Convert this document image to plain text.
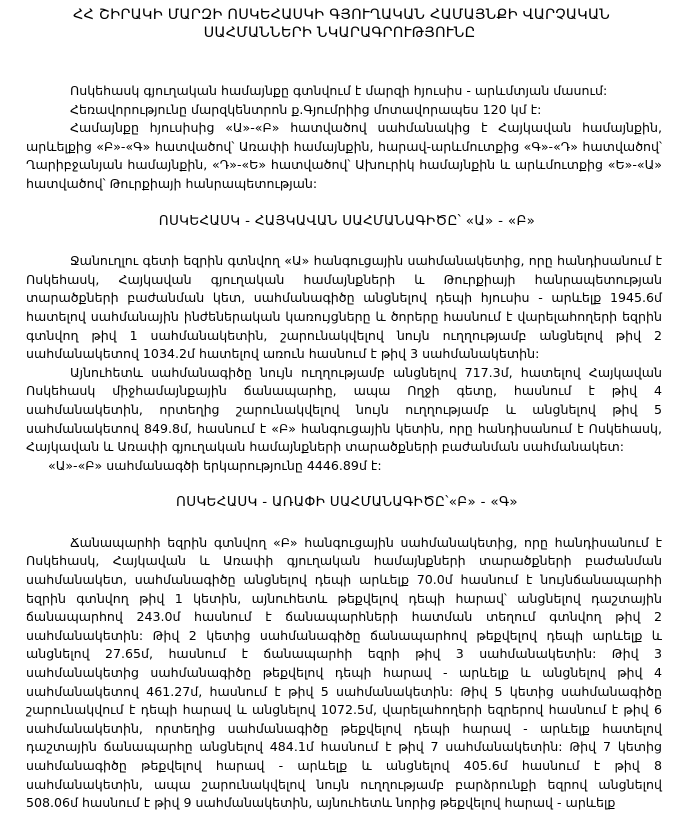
ՀՀ ՇԻՐԱԿԻ ՄԱՐԶԻ ՈՍԿԵՀԱՍԿԻ ԳՅՈՒՂԱԿԱՆ ՀԱՄԱՅՆՔԻ ՎԱՐՉԱԿԱՆ
ՍԱՀՄԱՆՆԵՐԻ ՆԿԱՐԱԳՐՈՒԹՅՈՒՆԸ

Ոսկեհասկ գյուղական համայնքը գտնվում է մարզի հյուսիս - արևմտյան մասում:

Հեռավորությունը մարզկենտրոն ք.Գյումրիից մոտավորապես 120 կմ է:

Համայնքը հյուսիսից «Ա»-«Բ» հատվածով սահմանակից է Հայկավան համայնքին, արևելքից «Բ»-«Գ» հատվածով՝ Առափի համայնքին, հարավ-արևմուտքից «Գ»-«Դ» հատվածով՝ Ղարիբջանյան համայնքին, «Դ»-«Ե» հատվածով՝ Ախուրիկ համայնքին և արևմուտքից «Ե»-«Ա» հատվածով՝ Թուրքիայի հանրապետության:

ՈՍԿԵՀԱՍԿ - ՀԱՅԿԱՎԱՆ ՍԱՀՄԱՆԱԳԻԾԸ՝ «Ա» - «Բ»

Ջանուղլու գետի եզրին գտնվող «Ա» հանգուցային սահմանակետից, որը հանդիսանում է Ոսկեհասկ, Հայկավան գյուղական համայնքների և Թուրքիայի հանրապետության տարածքների բաժանման կետ, սահմանագիծը անցնելով դեպի հյուսիս - արևելք 1945.6մ հատելով սահմանային ինժեներական կառույցները և ծորերը հասնում է վարելահողերի եզրին գտնվող թիվ 1 սահմանակետին, շարունակվելով նույն ուղղությամբ անցնելով թիվ 2 սահմանակետով 1034.2մ հատելով առուն հասնում է թիվ 3 սահմանակետին:

Այնուհետև սահմանագիծը նույն ուղղությամբ անցնելով 717.3մ, հատելով Հայկավան Ոսկեհասկ միջհամայնքային ճանապարհը, ապա Ողջի գետը, հասնում է թիվ 4 սահմանակետին, որտեղից շարունակվելով նույն ուղղությամբ և անցնելով թիվ 5 սահմանակետով 849.8մ, հասնում է «Բ» հանգուցային կետին, որը հանդիսանում է Ոսկեհասկ, Հայկավան և Առափի գյուղական համայնքների տարածքների բաժանման սահմանակետ:

«Ա»-«Բ» սահմանագծի երկարությունը 4446.89մ է:

ՈՍԿԵՀԱՍԿ - ԱՌԱՓԻ ՍԱՀՄԱՆԱԳԻԾԸ՝«Բ» - «Գ»

Ճանապարհի եզրին գտնվող «Բ» հանգուցային սահմանակետից, որը հանդիսանում է Ոսկեհասկ, Հայկավան և Առափի գյուղական համայնքների տարածքների բաժանման սահմանակետ, սահմանագիծը անցնելով դեպի արևելք 70.0մ հասնում է նույնճանապարհի եզրին գտնվող թիվ 1 կետին, այնուհետև թեքվելով դեպի հարավ՝ անցնելով դաշտային ճանապարհով 243.0մ հասնում է ճանապարհների հատման տեղում գտնվող թիվ 2 սահմանակետին: Թիվ 2 կետից սահմանագիծը ճանապարհով թեքվելով դեպի արևելք և անցնելով 27.65մ, հասնում է ճանապարհի եզրի թիվ 3 սահմանակետին: Թիվ 3 սահմանակետից սահմանագիծը թեքվելով դեպի հարավ - արևելք և անցնելով թիվ 4 սահմանակետով 461.27մ, հասնում է թիվ 5 սահմանակետին: Թիվ 5 կետից սահմանագիծը շարունակվում է դեպի հարավ և անցնելով 1072.5մ, վարելահողերի եզրերով հասնում է թիվ 6 սահմանակետին, որտեղից սահմանագիծը թեքվելով դեպի հարավ - արևելք հատելով դաշտային ճանապարհը անցնելով 484.1մ հասնում է թիվ 7 սահմանակետին: Թիվ 7 կետից սահմանագիծը թեքվելով հարավ - արևելք և անցնելով 405.6մ հասնում է թիվ 8 սահմանակետին, ապա շարունակվելով նույն ուղղությամբ բարձրունքի եզրով անցնելով 508.06մ հասնում է թիվ 9 սահմանակետին, այնուհետև նորից թեքվելով հարավ - արևելք
